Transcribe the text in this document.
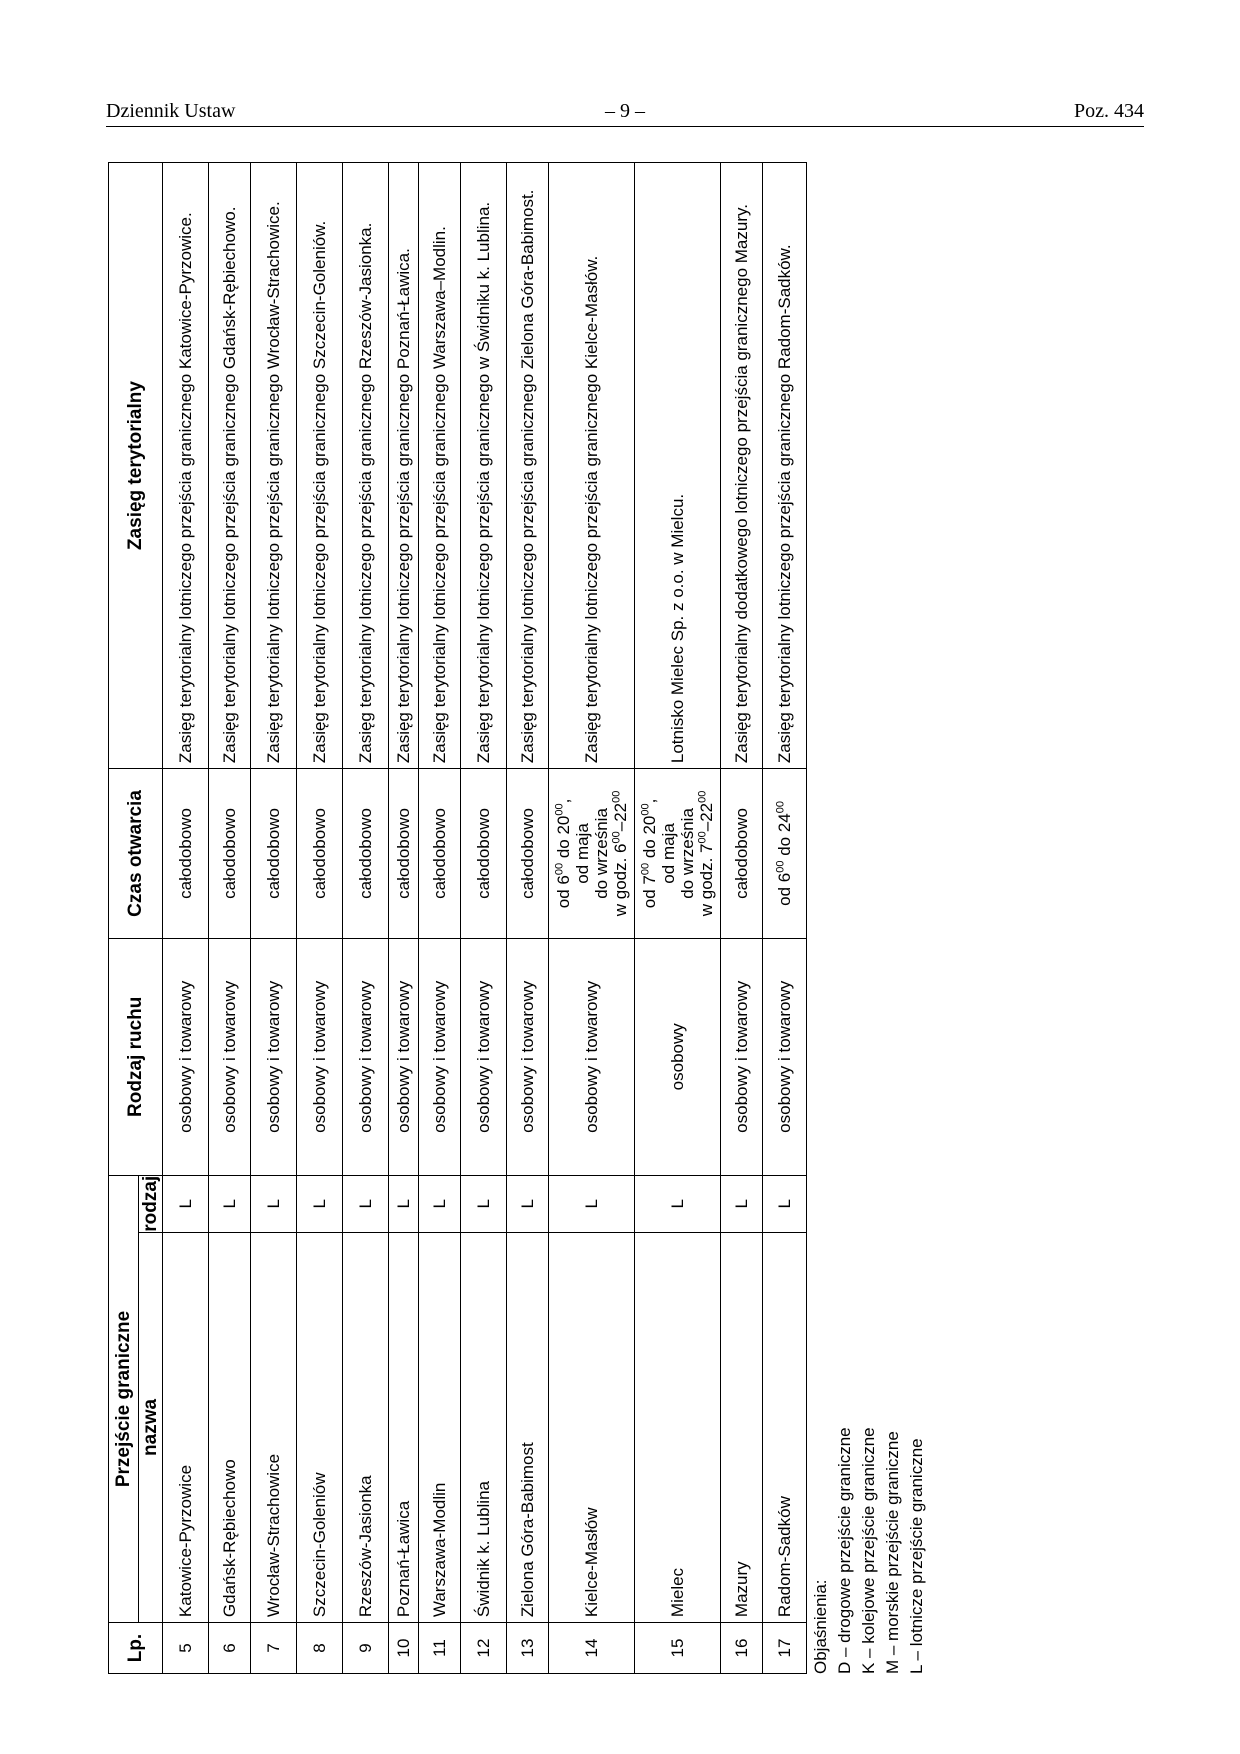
Dziennik Ustaw	– 9 –	Poz. 434
Lp.	Przejście graniczne		Rodzaj ruchu	Czas otwarcia	Zasięg terytorialny
	nazwa	rodzaj			
5	Katowice-Pyrzowice	L	osobowy i towarowy	całodobowo	Zasięg terytorialny lotniczego przejścia granicznego Katowice-Pyrzowice.
6	Gdańsk-Rębiechowo	L	osobowy i towarowy	całodobowo	Zasięg terytorialny lotniczego przejścia granicznego Gdańsk-Rębiechowo.
7	Wrocław-Strachowice	L	osobowy i towarowy	całodobowo	Zasięg terytorialny lotniczego przejścia granicznego Wrocław-Strachowice.
8	Szczecin-Goleniów	L	osobowy i towarowy	całodobowo	Zasięg terytorialny lotniczego przejścia granicznego Szczecin-Goleniów.
9	Rzeszów-Jasionka	L	osobowy i towarowy	całodobowo	Zasięg terytorialny lotniczego przejścia granicznego Rzeszów-Jasionka.
10	Poznań-Ławica	L	osobowy i towarowy	całodobowo	Zasięg terytorialny lotniczego przejścia granicznego Poznań-Ławica.
11	Warszawa-Modlin	L	osobowy i towarowy	całodobowo	Zasięg terytorialny lotniczego przejścia granicznego Warszawa–Modlin.
12	Świdnik k. Lublina	L	osobowy i towarowy	całodobowo	Zasięg terytorialny lotniczego przejścia granicznego w Świdniku k. Lublina.
13	Zielona Góra-Babimost	L	osobowy i towarowy	całodobowo	Zasięg terytorialny lotniczego przejścia granicznego Zielona Góra-Babimost.
14	Kielce-Masłów	L	osobowy i towarowy	od $6^{00}$ do $20^{00}$,
od maja do września w godz. $6^{00}-22^{00}$	Zasięg terytorialny lotniczego przejścia granicznego Kielce-Masłów.
15	Mielec	L	osobowy	od $7^{00}$ do $20^{00}$,
od maja do września w godz. $7^{00}-22^{00}$	Lotnisko Mielec Sp. z o.o. w Mielcu.
16	Mazury	L	osobowy i towarowy	całodobowo	Zasięg terytorialny dodatkowego lotniczego przejścia granicznego Mazury.
17	Radom-Sadków	L	osobowy i towarowy	od $6^{00}$ do $24^{00}$	Zasięg terytorialny lotniczego przejścia granicznego Radom-Sadków.
Objaśnienia: D – drogowe przejście graniczne K – kolejowe przejście graniczne M – morskie przejście graniczne L – lotnicze przejście graniczne
